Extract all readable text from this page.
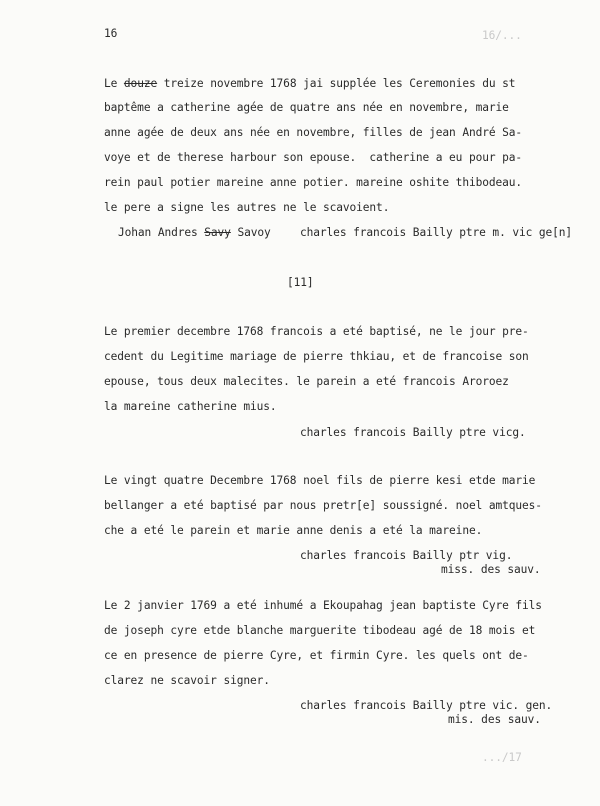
16	16/...
Le douze treize novembre 1768 jai supplée les Ceremonies du st
baptême a catherine agée de quatre ans née en novembre, marie
anne agée de deux ans née en novembre, filles de jean André Sa-
voye et de therese harbour son epouse.  catherine a eu pour pa-
rein paul potier mareine anne potier. mareine oshite thibodeau.
le pere a signe les autres ne le scavoient.
Johan Andres Savy Savoy	charles francois Bailly ptre m. vic ge[n]
[11]
Le premier decembre 1768 francois a eté baptisé, ne le jour pre-
cedent du Legitime mariage de pierre thkiau, et de francoise son
epouse, tous deux malecites. le parein a eté francois Aroroez
la mareine catherine mius.
charles francois Bailly ptre vicg.
Le vingt quatre Decembre 1768 noel fils de pierre kesi etde marie
bellanger a eté baptisé par nous pretr[e] soussigné. noel amtques-
che a eté le parein et marie anne denis a eté la mareine.
charles francois Bailly ptr vig.
miss. des sauv.
Le 2 janvier 1769 a eté inhumé a Ekoupahag jean baptiste Cyre fils
de joseph cyre etde blanche marguerite tibodeau agé de 18 mois et
ce en presence de pierre Cyre, et firmin Cyre. les quels ont de-
clarez ne scavoir signer.
charles francois Bailly ptre vic. gen.
mis. des sauv.
.../17
